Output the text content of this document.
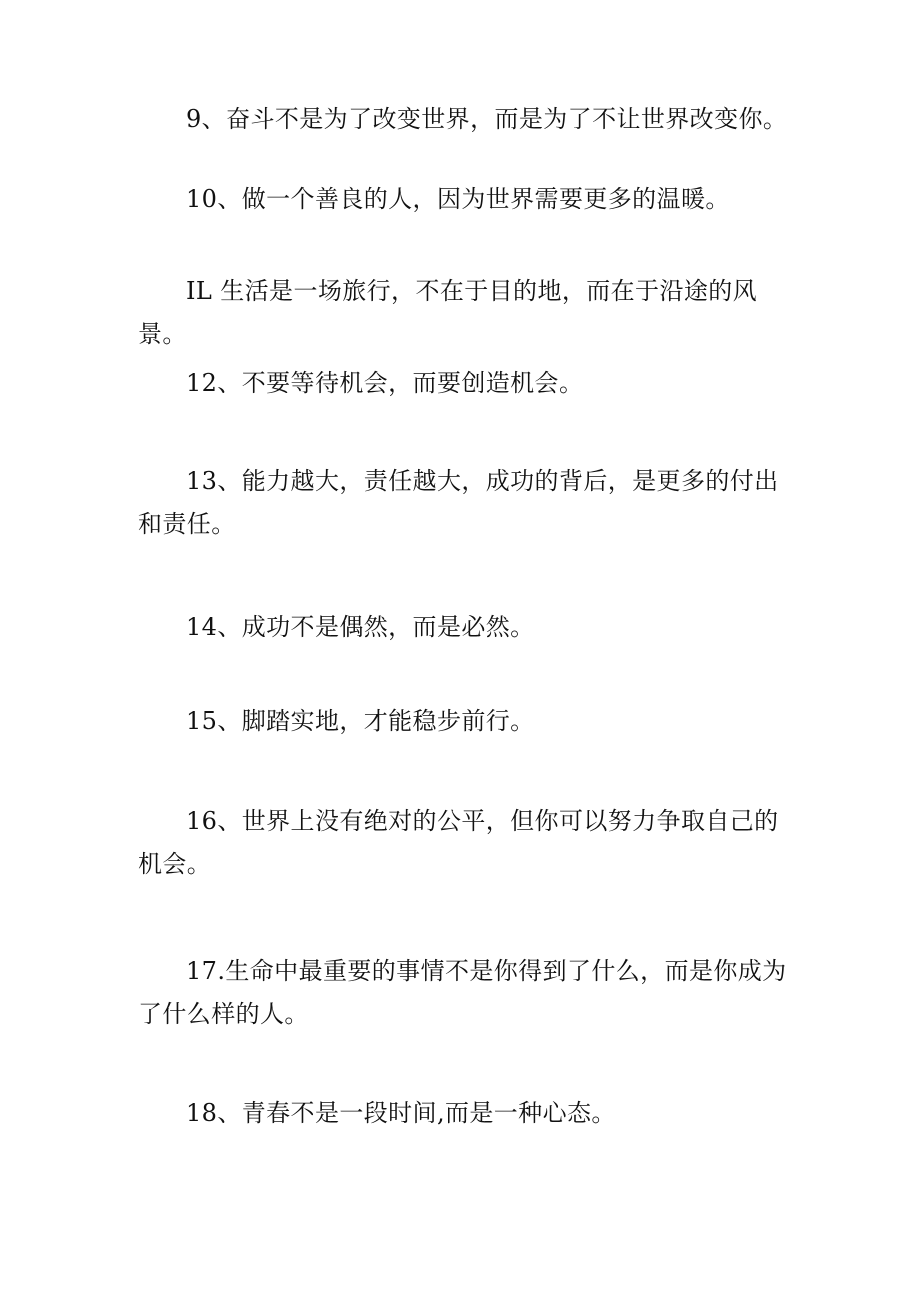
9、奋斗不是为了改变世界，而是为了不让世界改变你。

10、做一个善良的人，因为世界需要更多的温暖。

IL 生活是一场旅行，不在于目的地，而在于沿途的风景。

12、不要等待机会，而要创造机会。

13、能力越大，责任越大，成功的背后，是更多的付出和责任。

14、成功不是偶然，而是必然。

15、脚踏实地，才能稳步前行。

16、世界上没有绝对的公平，但你可以努力争取自己的机会。

17.生命中最重要的事情不是你得到了什么，而是你成为了什么样的人。

18、青春不是一段时间,而是一种心态。
